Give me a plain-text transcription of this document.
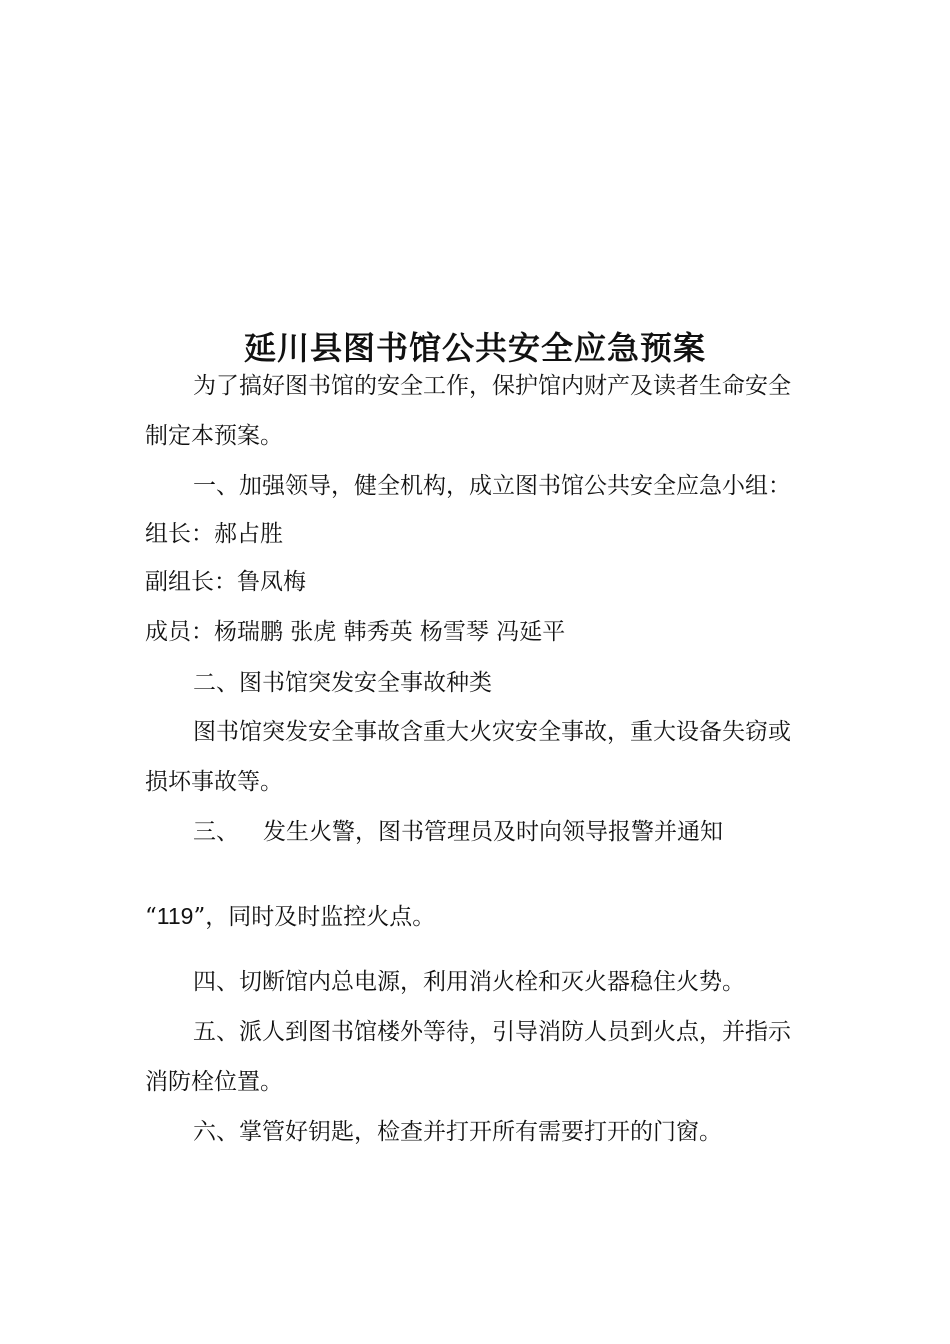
延川县图书馆公共安全应急预案
为了搞好图书馆的安全工作，保护馆内财产及读者生命安全
制定本预案。
一、加强领导，健全机构，成立图书馆公共安全应急小组：
组长：郝占胜
副组长：鲁凤梅
成员：杨瑞鹏 张虎 韩秀英 杨雪琴 冯延平
二、图书馆突发安全事故种类
图书馆突发安全事故含重大火灾安全事故，重大设备失窃或
损坏事故等。
三、 发生火警，图书管理员及时向领导报警并通知
“119”，同时及时监控火点。
四、切断馆内总电源，利用消火栓和灭火器稳住火势。
五、派人到图书馆楼外等待，引导消防人员到火点，并指示
消防栓位置。
六、掌管好钥匙，检查并打开所有需要打开的门窗。
